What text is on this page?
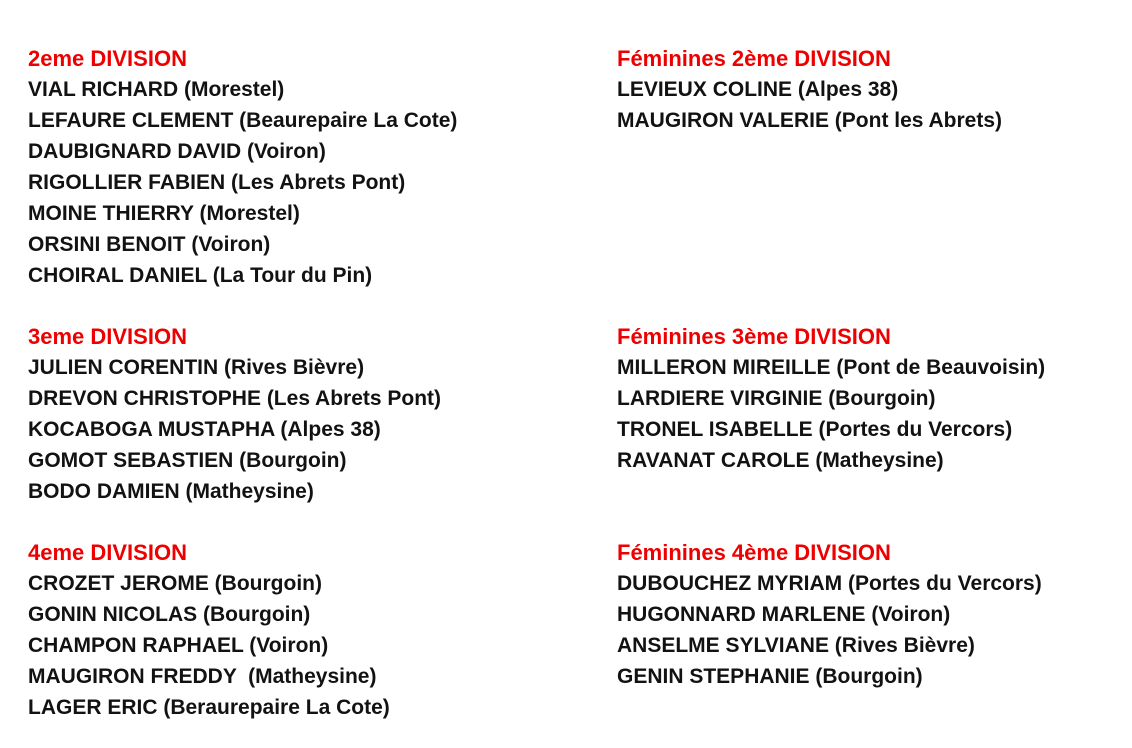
2eme DIVISION

VIAL RICHARD (Morestel)

LEFAURE CLEMENT (Beaurepaire La Cote)

DAUBIGNARD DAVID (Voiron)

RIGOLLIER FABIEN (Les Abrets Pont)

MOINE THIERRY (Morestel)

ORSINI BENOIT (Voiron)

CHOIRAL DANIEL (La Tour du Pin)

Féminines 2ème DIVISION

LEVIEUX COLINE (Alpes 38)

MAUGIRON VALERIE (Pont les Abrets)

3eme DIVISION

JULIEN CORENTIN (Rives Bièvre)

DREVON CHRISTOPHE (Les Abrets Pont)

KOCABOGA MUSTAPHA (Alpes 38)

GOMOT SEBASTIEN (Bourgoin)

BODO DAMIEN (Matheysine)

Féminines 3ème DIVISION

MILLERON MIREILLE (Pont de Beauvoisin)

LARDIERE VIRGINIE (Bourgoin)

TRONEL ISABELLE (Portes du Vercors)

RAVANAT CAROLE (Matheysine)

4eme DIVISION

CROZET JEROME (Bourgoin)

GONIN NICOLAS (Bourgoin)

CHAMPON RAPHAEL (Voiron)

MAUGIRON FREDDY  (Matheysine)

LAGER ERIC (Beraurepaire La Cote)

Féminines 4ème DIVISION

DUBOUCHEZ MYRIAM (Portes du Vercors)

HUGONNARD MARLENE (Voiron)

ANSELME SYLVIANE (Rives Bièvre)

GENIN STEPHANIE (Bourgoin)
